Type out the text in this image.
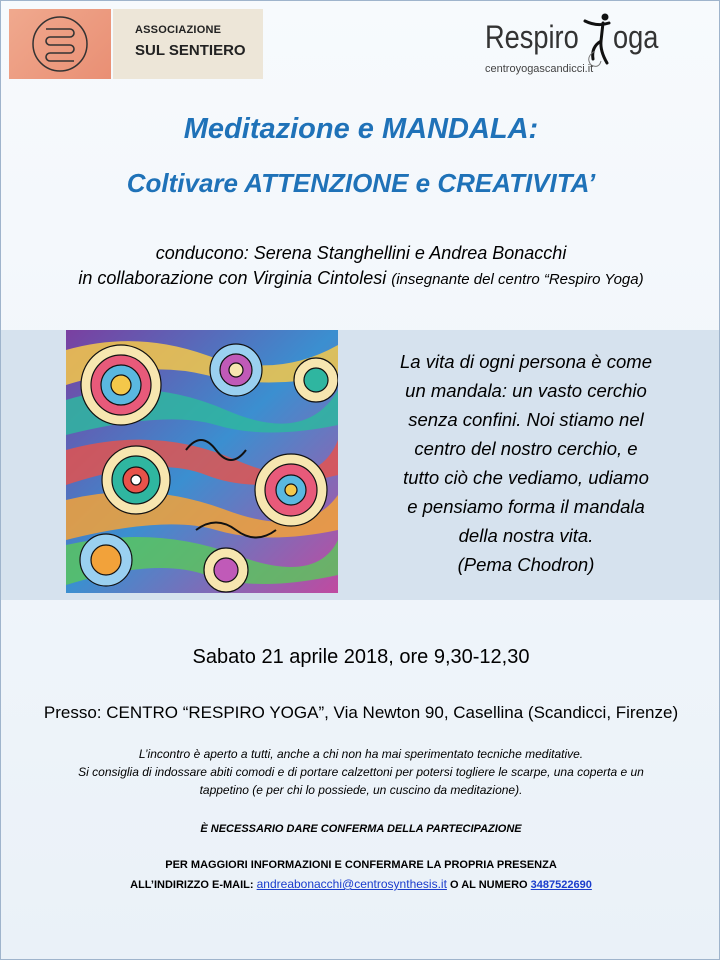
ASSOCIAZIONE
SUL SENTIERO	Respiro oga
centroyogascandicci.it
Meditazione e MANDALA:
Coltivare ATTENZIONE e CREATIVITA’
conducono: Serena Stanghellini e Andrea Bonacchi
in collaborazione con Virginia Cintolesi (insegnante del centro “Respiro Yoga)
La vita di ogni persona è come
un mandala: un vasto cerchio
senza confini. Noi stiamo nel
centro del nostro cerchio, e
tutto ciò che vediamo, udiamo
e pensiamo forma il mandala
della nostra vita.
(Pema Chodron)
Sabato 21 aprile 2018, ore 9,30-12,30
Presso: CENTRO “RESPIRO YOGA”, Via Newton 90, Casellina (Scandicci, Firenze)
L’incontro è aperto a tutti, anche a chi non ha mai sperimentato tecniche meditative.
Si consiglia di indossare abiti comodi e di portare calzettoni per potersi togliere le scarpe, una coperta e un
tappetino (e per chi lo possiede, un cuscino da meditazione).
È NECESSARIO DARE CONFERMA DELLA PARTECIPAZIONE
PER MAGGIORI INFORMAZIONI E CONFERMARE LA PROPRIA PRESENZA
ALL’INDIRIZZO E-MAIL: andreabonacchi@centrosynthesis.it O AL NUMERO 3487522690
